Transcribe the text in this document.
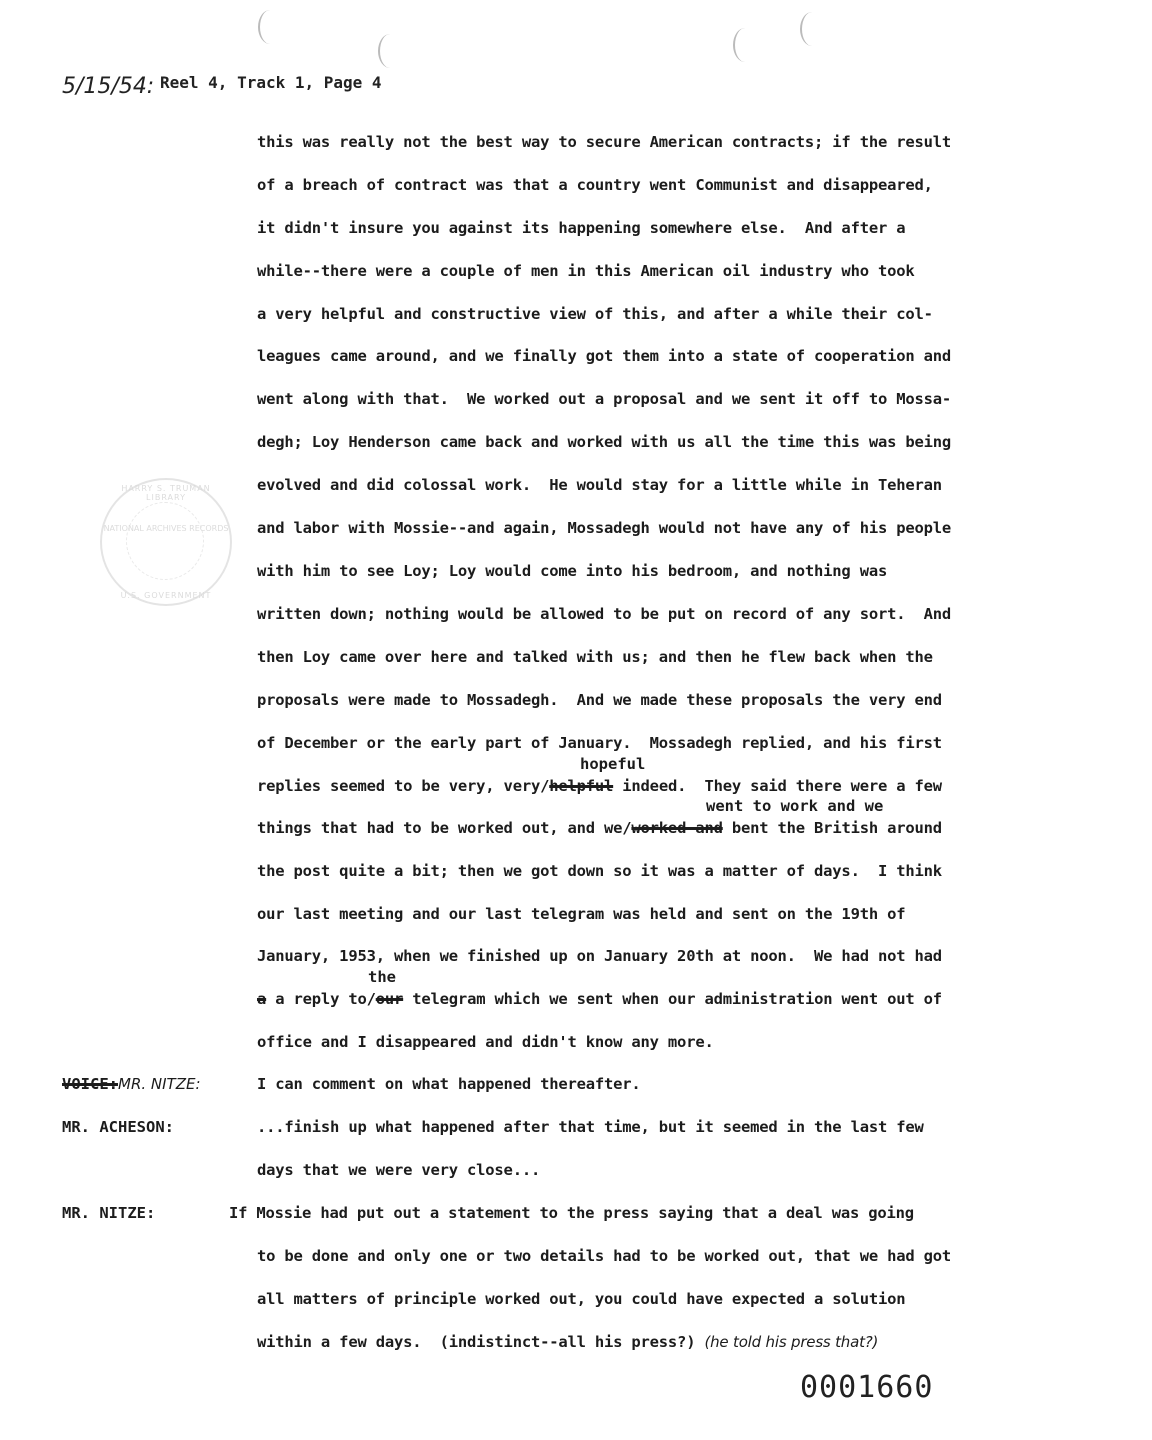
5/15/54: Reel 4, Track 1, Page 4
HARRY S. TRUMAN LIBRARY
NATIONAL ARCHIVES RECORDS
U.S. GOVERNMENT
this was really not the best way to secure American contracts; if the result
of a breach of contract was that a country went Communist and disappeared,
it didn't insure you against its happening somewhere else.  And after a
while--there were a couple of men in this American oil industry who took
a very helpful and constructive view of this, and after a while their col-
leagues came around, and we finally got them into a state of cooperation and
went along with that.  We worked out a proposal and we sent it off to Mossa-
degh; Loy Henderson came back and worked with us all the time this was being
evolved and did colossal work.  He would stay for a little while in Teheran
and labor with Mossie--and again, Mossadegh would not have any of his people
with him to see Loy; Loy would come into his bedroom, and nothing was
written down; nothing would be allowed to be put on record of any sort.  And
then Loy came over here and talked with us; and then he flew back when the
proposals were made to Mossadegh.  And we made these proposals the very end
of December or the early part of January.  Mossadegh replied, and his first
hopeful
replies seemed to be very, very/helpful indeed.  They said there were a few
went to work and we
things that had to be worked out, and we/worked and bent the British around
the post quite a bit; then we got down so it was a matter of days.  I think
our last meeting and our last telegram was held and sent on the 19th of
January, 1953, when we finished up on January 20th at noon.  We had not had
the
a a reply to/our telegram which we sent when our administration went out of
office and I disappeared and didn't know any more.
VOICE:MR. NITZE:	I can comment on what happened thereafter.
MR. ACHESON:	...finish up what happened after that time, but it seemed in the last few
days that we were very close...
MR. NITZE:	If Mossie had put out a statement to the press saying that a deal was going
to be done and only one or two details had to be worked out, that we had got
all matters of principle worked out, you could have expected a solution
within a few days.  (indistinct--all his press?) (he told his press that?)
0001660
